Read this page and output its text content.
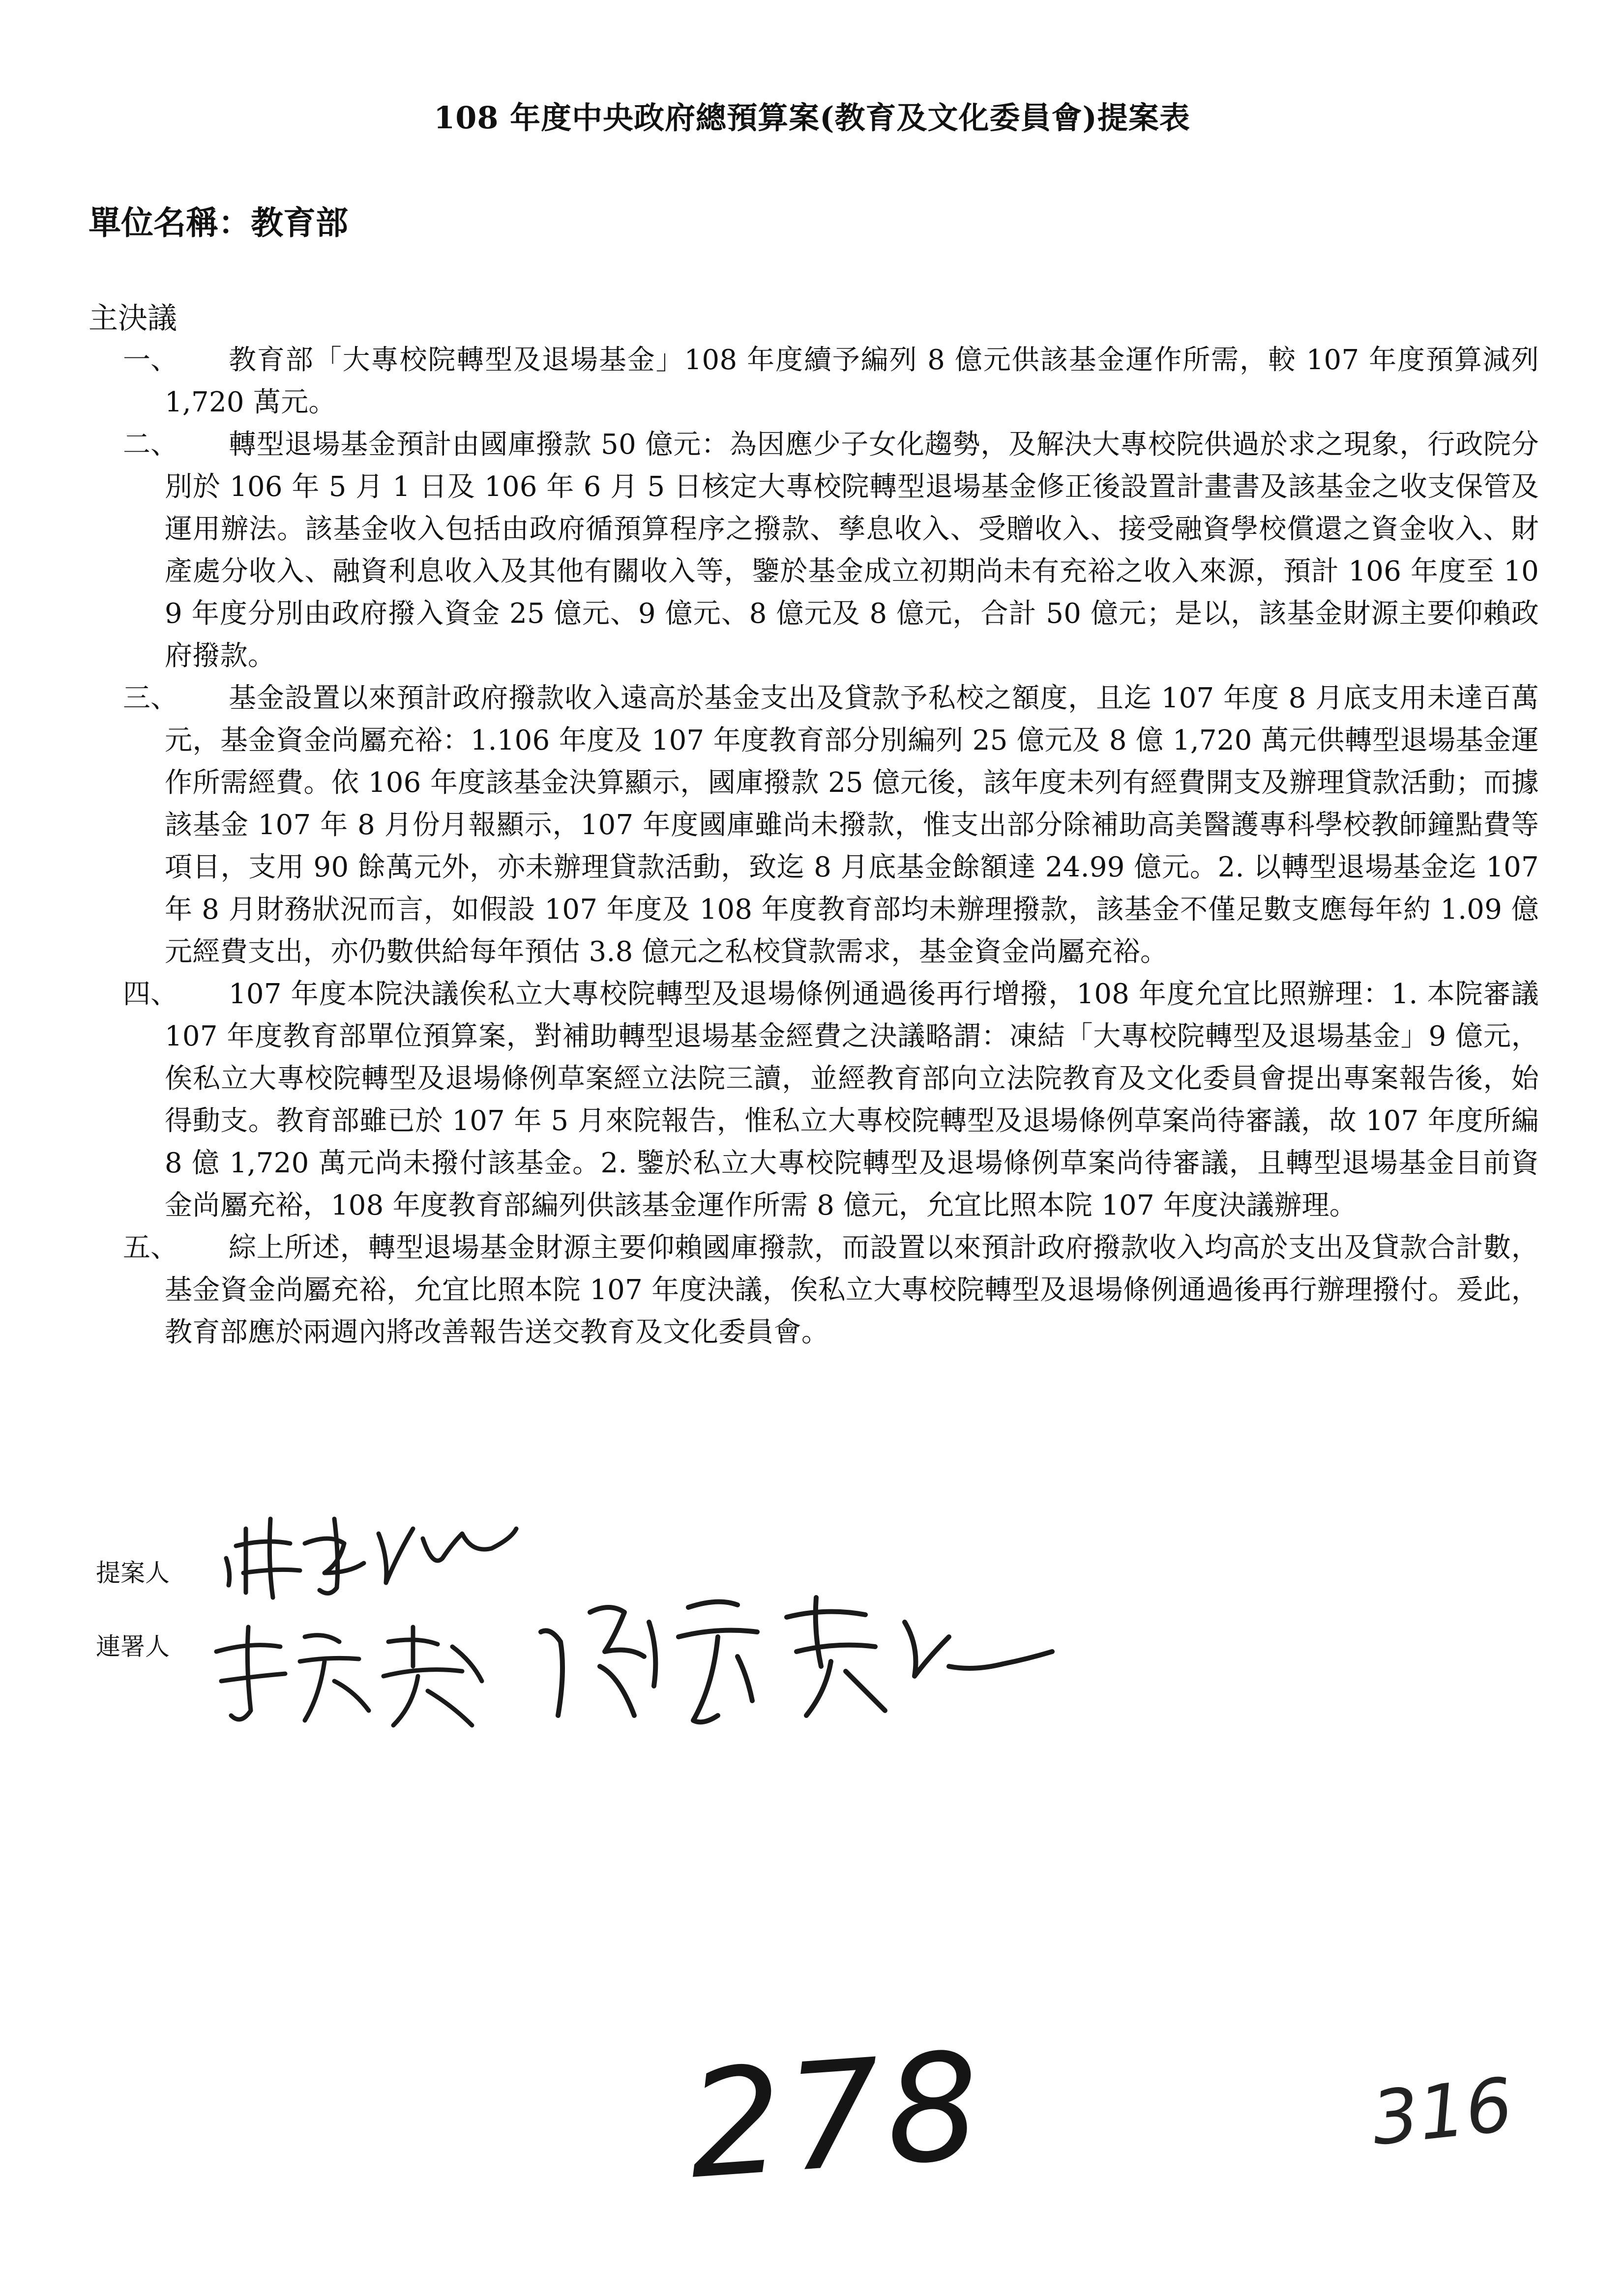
108 年度中央政府總預算案(教育及文化委員會)提案表
單位名稱：教育部
主決議
一、	教育部「大專校院轉型及退場基金」108 年度續予編列 8 億元供該基金運作所需，較 107 年度預算減列 1,720 萬元。
二、	轉型退場基金預計由國庫撥款 50 億元：為因應少子女化趨勢，及解決大專校院供過於求之現象，行政院分別於 106 年 5 月 1 日及 106 年 6 月 5 日核定大專校院轉型退場基金修正後設置計畫書及該基金之收支保管及運用辦法。該基金收入包括由政府循預算程序之撥款、孳息收入、受贈收入、接受融資學校償還之資金收入、財產處分收入、融資利息收入及其他有關收入等，鑒於基金成立初期尚未有充裕之收入來源，預計 106 年度至 109 年度分別由政府撥入資金 25 億元、9 億元、8 億元及 8 億元，合計 50 億元；是以，該基金財源主要仰賴政府撥款。
三、	基金設置以來預計政府撥款收入遠高於基金支出及貸款予私校之額度，且迄 107 年度 8 月底支用未達百萬元，基金資金尚屬充裕：1.106 年度及 107 年度教育部分別編列 25 億元及 8 億 1,720 萬元供轉型退場基金運作所需經費。依 106 年度該基金決算顯示，國庫撥款 25 億元後，該年度未列有經費開支及辦理貸款活動；而據該基金 107 年 8 月份月報顯示，107 年度國庫雖尚未撥款，惟支出部分除補助高美醫護專科學校教師鐘點費等項目，支用 90 餘萬元外，亦未辦理貸款活動，致迄 8 月底基金餘額達 24.99 億元。2. 以轉型退場基金迄 107 年 8 月財務狀況而言，如假設 107 年度及 108 年度教育部均未辦理撥款，該基金不僅足數支應每年約 1.09 億元經費支出，亦仍數供給每年預估 3.8 億元之私校貸款需求，基金資金尚屬充裕。
四、	107 年度本院決議俟私立大專校院轉型及退場條例通過後再行增撥，108 年度允宜比照辦理：1. 本院審議 107 年度教育部單位預算案，對補助轉型退場基金經費之決議略謂：凍結「大專校院轉型及退場基金」9 億元，俟私立大專校院轉型及退場條例草案經立法院三讀，並經教育部向立法院教育及文化委員會提出專案報告後，始得動支。教育部雖已於 107 年 5 月來院報告，惟私立大專校院轉型及退場條例草案尚待審議，故 107 年度所編 8 億 1,720 萬元尚未撥付該基金。2. 鑒於私立大專校院轉型及退場條例草案尚待審議，且轉型退場基金目前資金尚屬充裕，108 年度教育部編列供該基金運作所需 8 億元，允宜比照本院 107 年度決議辦理。
五、	綜上所述，轉型退場基金財源主要仰賴國庫撥款，而設置以來預計政府撥款收入均高於支出及貸款合計數，基金資金尚屬充裕，允宜比照本院 107 年度決議，俟私立大專校院轉型及退場條例通過後再行辦理撥付。爰此，教育部應於兩週內將改善報告送交教育及文化委員會。
提案人
連署人
278	316
